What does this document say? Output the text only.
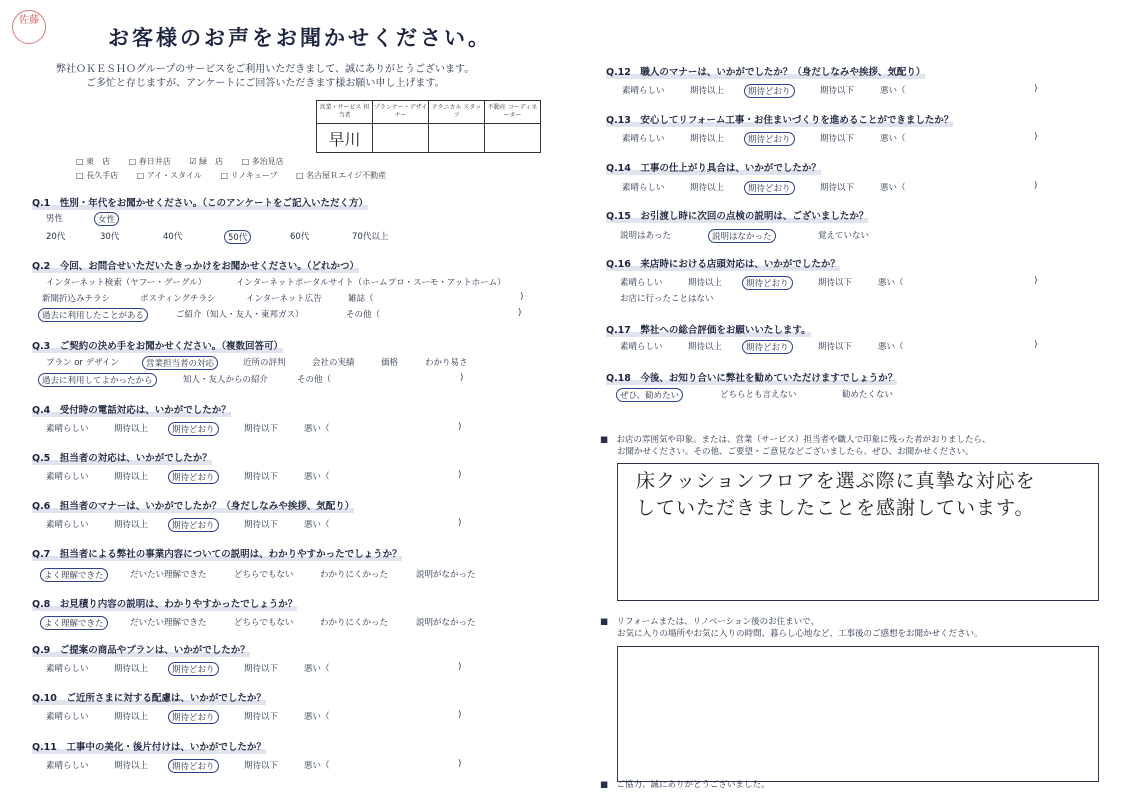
佐藤
お客様のお声をお聞かせください。
弊社ＯＫＥＳＨＯグループのサービスをご利用いただきまして、誠にありがとうございます。
ご多忙と存じますが、アンケートにご回答いただきます様お願い申し上げます。
営業・サービス 担当者	プランナー・デザイナー	テクニカル スタッフ	不動産 コーディネーター
早川			
□ 東　店 □ 春日井店 ☑ 緑　店 □ 多治見店
□ 長久手店 □ アイ・スタイル □ リノキューブ □ 名古屋Ｒエイジ不動産
Q.1　性別・年代をお聞かせください。（このアンケートをご記入いただく方）
男性	女性
20代	30代	40代	50代	60代	70代以上
Q.2　今回、お問合せいただいたきっかけをお聞かせください。（どれかつ）
インターネット検索（ヤフー・グーグル）	インターネットポータルサイト（ホームプロ・スーモ・アットホーム）
新聞折込みチラシ	ポスティングチラシ	インターネット広告	雑誌（	)
過去に利用したことがある	ご紹介（知人・友人・東邦ガス）	その他（	)
Q.3　ご契約の決め手をお聞かせください。（複数回答可）
プラン or デザイン	営業担当者の対応	近所の評判	会社の実績	価格	わかり易さ
過去に利用してよかったから	知人・友人からの紹介	その他（	)
Q.4　受付時の電話対応は、いかがでしたか？
素晴らしい	期待以上	期待どおり	期待以下	悪い（	)
Q.5　担当者の対応は、いかがでしたか？
素晴らしい	期待以上	期待どおり	期待以下	悪い（	)
Q.6　担当者のマナーは、いかがでしたか？（身だしなみや挨拶、気配り）
素晴らしい	期待以上	期待どおり	期待以下	悪い（	)
Q.7　担当者による弊社の事業内容についての説明は、わかりやすかったでしょうか？
よく理解できた	だいたい理解できた	どちらでもない	わかりにくかった	説明がなかった
Q.8　お見積り内容の説明は、わかりやすかったでしょうか？
よく理解できた	だいたい理解できた	どちらでもない	わかりにくかった	説明がなかった
Q.9　ご提案の商品やプランは、いかがでしたか？
素晴らしい	期待以上	期待どおり	期待以下	悪い（	)
Q.10　ご近所さまに対する配慮は、いかがでしたか？
素晴らしい	期待以上	期待どおり	期待以下	悪い（	)
Q.11　工事中の美化・後片付けは、いかがでしたか？
素晴らしい	期待以上	期待どおり	期待以下	悪い（	)
Q.12　職人のマナーは、いかがでしたか？（身だしなみや挨拶、気配り）
素晴らしい	期待以上	期待どおり	期待以下	悪い（	)
Q.13　安心してリフォーム工事・お住まいづくりを進めることができましたか？
素晴らしい	期待以上	期待どおり	期待以下	悪い（	)
Q.14　工事の仕上がり具合は、いかがでしたか？
素晴らしい	期待以上	期待どおり	期待以下	悪い（	)
Q.15　お引渡し時に次回の点検の説明は、ございましたか？
説明はあった	説明はなかった	覚えていない
Q.16　来店時における店頭対応は、いかがでしたか？
素晴らしい	期待以上	期待どおり	期待以下	悪い（	)
お店に行ったことはない
Q.17　弊社への総合評価をお願いいたします。
素晴らしい	期待以上	期待どおり	期待以下	悪い（	)
Q.18　今後、お知り合いに弊社を勧めていただけますでしょうか？
ぜひ、勧めたい	どちらとも言えない	勧めたくない
■　お店の雰囲気や印象。または、営業（サービス）担当者や職人で印象に残った者がおりましたら、
お聞かせください。その他、ご要望・ご意見などございましたら、ぜひ、お聞かせください。
床クッションフロアを選ぶ際に真摯な対応を
していただきましたことを感謝しています。
■　リフォームまたは、リノベーション後のお住まいで、
お気に入りの場所やお気に入りの時間、暮らし心地など、工事後のご感想をお聞かせください。
■　ご協力、誠にありがとうございました。
